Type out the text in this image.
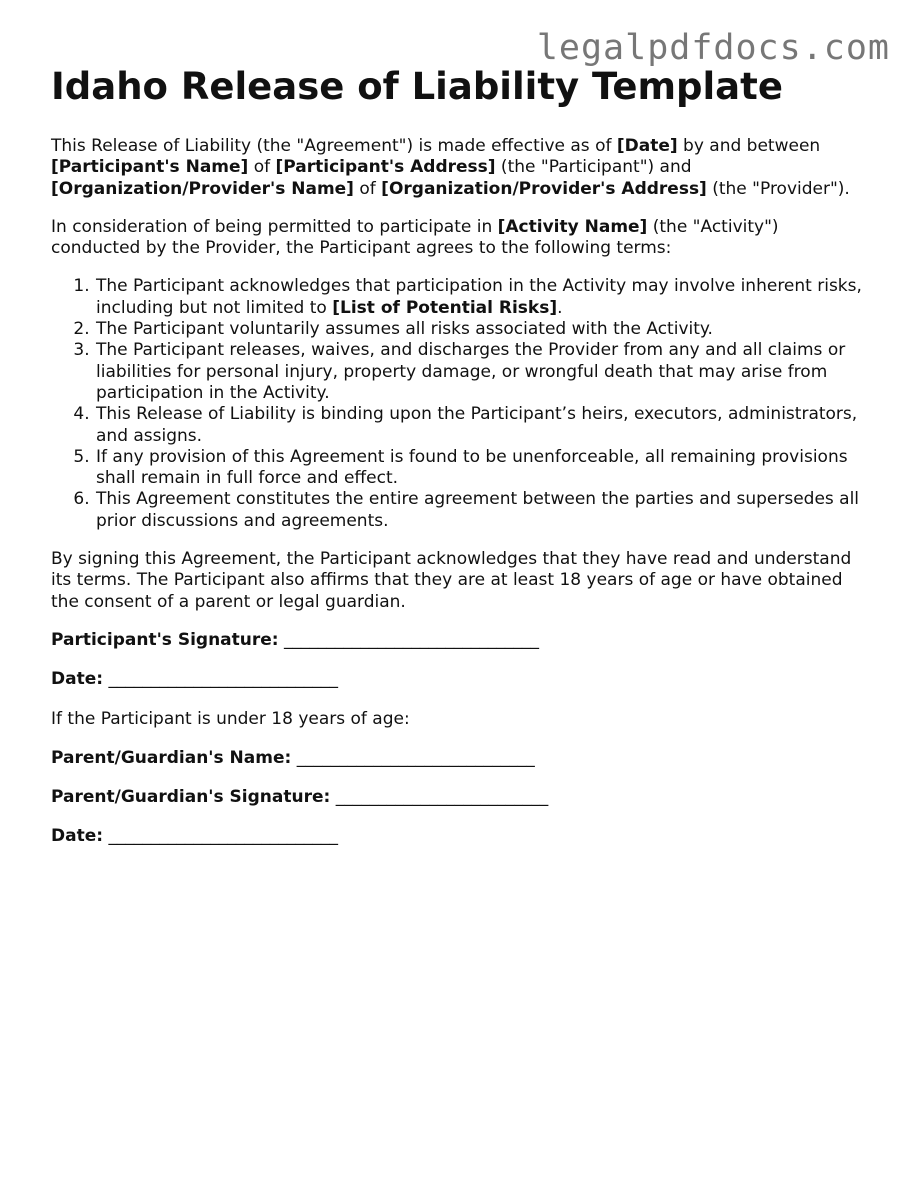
legalpdfdocs.com
Idaho Release of Liability Template

This Release of Liability (the "Agreement") is made effective as of [Date] by and between [Participant's Name] of [Participant's Address] (the "Participant") and [Organization/Provider's Name] of [Organization/Provider's Address] (the "Provider").

In consideration of being permitted to participate in [Activity Name] (the "Activity") conducted by the Provider, the Participant agrees to the following terms:

1. The Participant acknowledges that participation in the Activity may involve inherent risks, including but not limited to [List of Potential Risks].
2. The Participant voluntarily assumes all risks associated with the Activity.
3. The Participant releases, waives, and discharges the Provider from any and all claims or liabilities for personal injury, property damage, or wrongful death that may arise from participation in the Activity.
4. This Release of Liability is binding upon the Participant’s heirs, executors, administrators, and assigns.
5. If any provision of this Agreement is found to be unenforceable, all remaining provisions shall remain in full force and effect.
6. This Agreement constitutes the entire agreement between the parties and supersedes all prior discussions and agreements.

By signing this Agreement, the Participant acknowledges that they have read and understand its terms. The Participant also affirms that they are at least 18 years of age or have obtained the consent of a parent or legal guardian.

Participant's Signature: ______________________________
Date: ___________________________
If the Participant is under 18 years of age:
Parent/Guardian's Name: ____________________________
Parent/Guardian's Signature: _________________________
Date: ___________________________
